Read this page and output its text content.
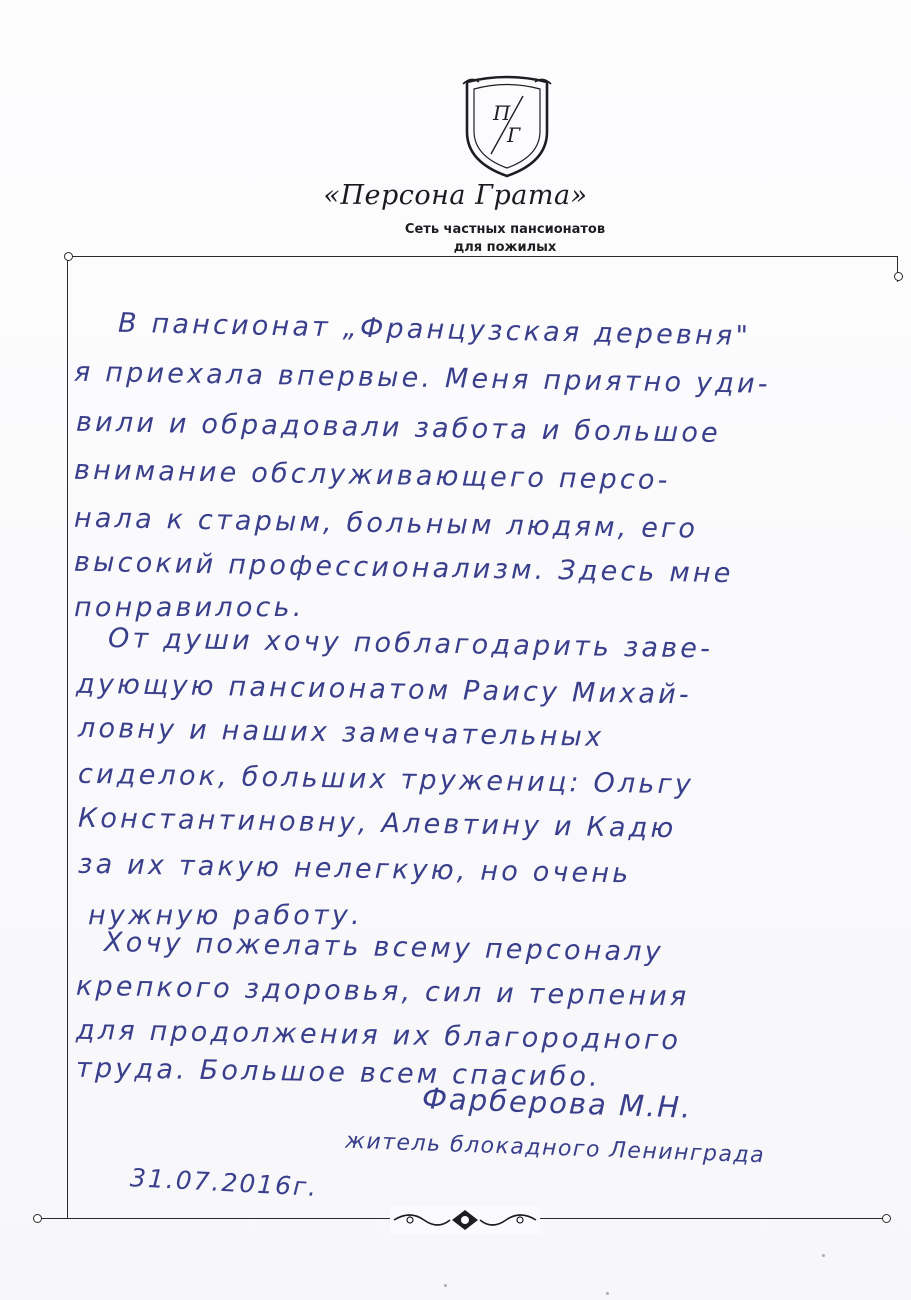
П
Г
«Персона Грата»
Сеть частных пансионатов
для пожилых
В пансионат „Французская деревня"
я приехала впервые. Меня приятно уди-
вили и обрадовали забота и большое
внимание обслуживающего персо-
нала к старым, больным людям, его
высокий профессионализм. Здесь мне
понравилось.
От души хочу поблагодарить заве-
дующую пансионатом Раису Михай-
ловну и наших замечательных
сиделок, больших тружениц: Ольгу
Константиновну, Алевтину и Кадю
за их такую нелегкую, но очень
нужную работу.
Хочу пожелать всему персоналу
крепкого здоровья, сил и терпения
для продолжения их благородного
труда. Большое всем спасибо.
Фарберова М.Н.
житель блокадного Ленинграда
31.07.2016г.
